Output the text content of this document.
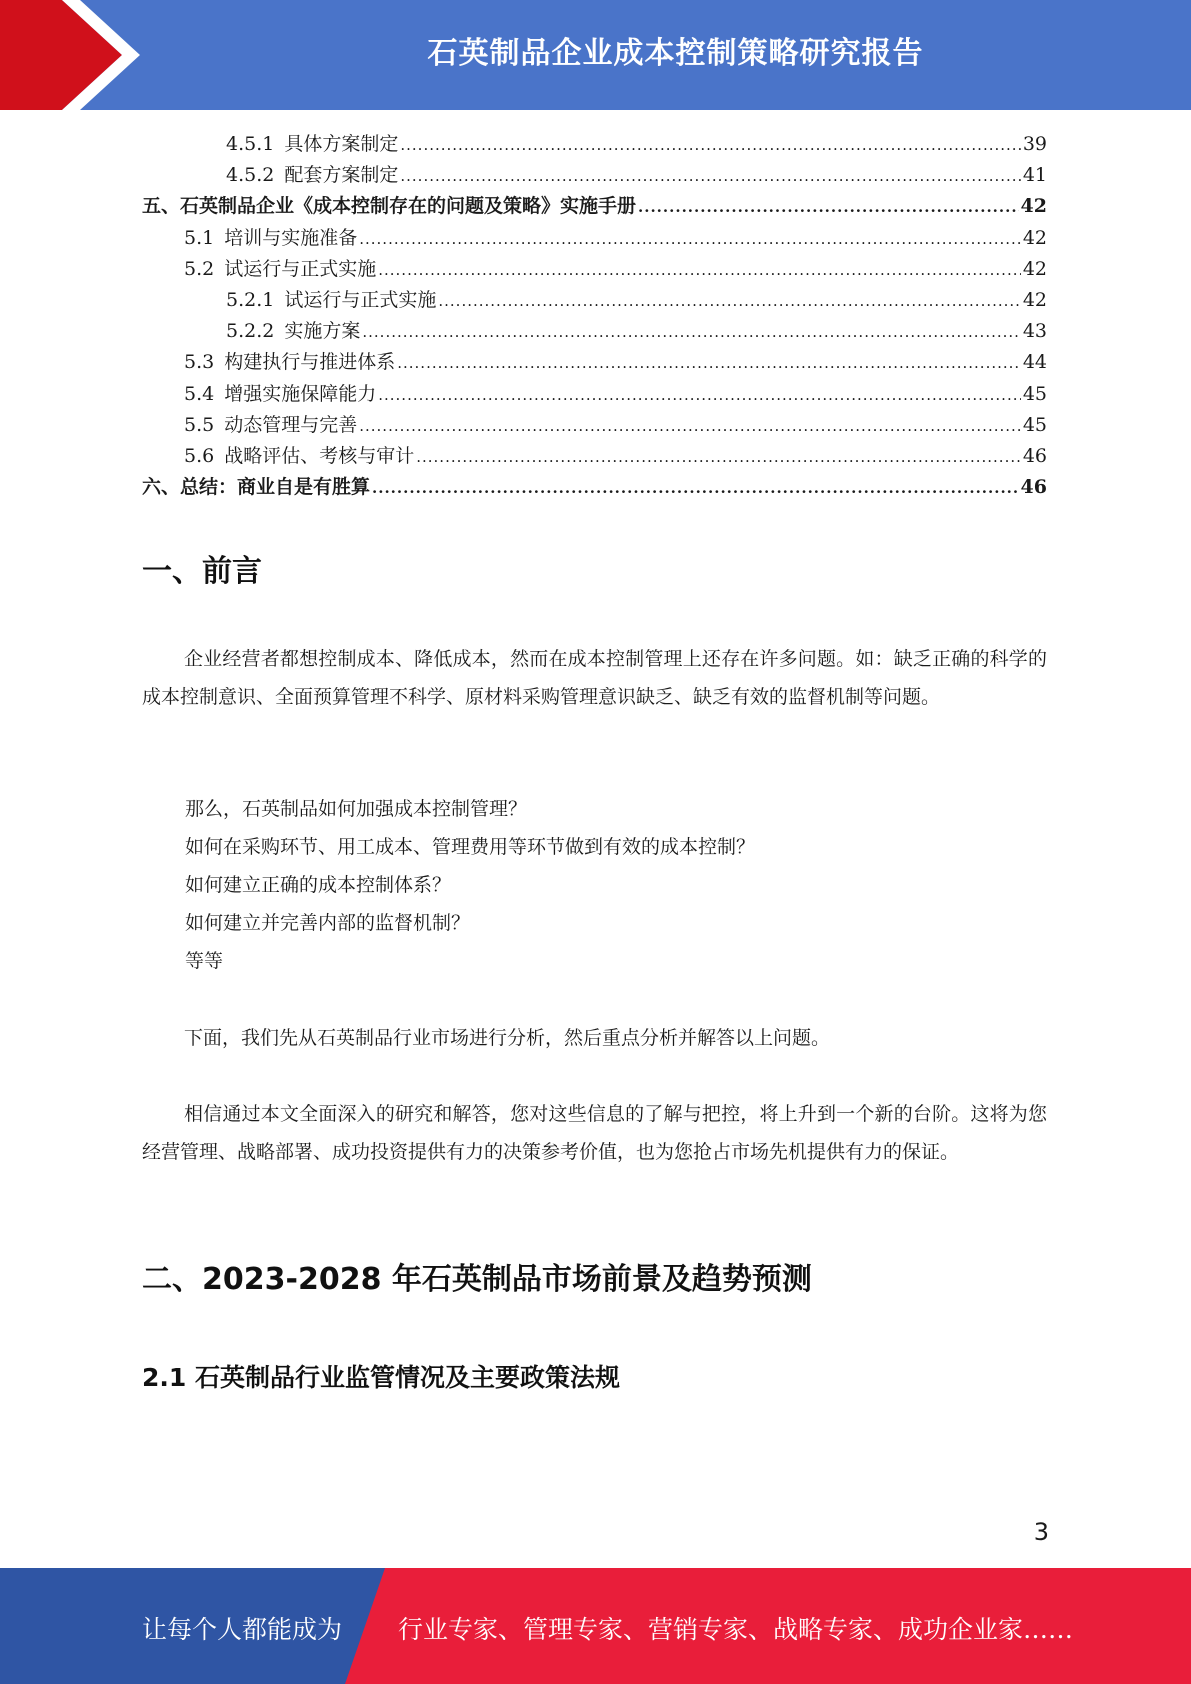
石英制品企业成本控制策略研究报告
4.5.1 具体方案制定 .....	39
4.5.2 配套方案制定 .....	41
五、石英制品企业《成本控制存在的问题及策略》实施手册 .....	42
5.1 培训与实施准备 .....	42
5.2 试运行与正式实施 .....	42
5.2.1 试运行与正式实施 .....	42
5.2.2 实施方案 .....	43
5.3 构建执行与推进体系 .....	44
5.4 增强实施保障能力 .....	45
5.5 动态管理与完善 .....	45
5.6 战略评估、考核与审计 .....	46
六、总结：商业自是有胜算 .....	46
一、前言
企业经营者都想控制成本、降低成本，然而在成本控制管理上还存在许多问题。如：缺乏正确的科学的成本控制意识、全面预算管理不科学、原材料采购管理意识缺乏、缺乏有效的监督机制等问题。
那么，石英制品如何加强成本控制管理？
如何在采购环节、用工成本、管理费用等环节做到有效的成本控制？
如何建立正确的成本控制体系？
如何建立并完善内部的监督机制？
等等
下面，我们先从石英制品行业市场进行分析，然后重点分析并解答以上问题。
相信通过本文全面深入的研究和解答，您对这些信息的了解与把控，将上升到一个新的台阶。这将为您经营管理、战略部署、成功投资提供有力的决策参考价值，也为您抢占市场先机提供有力的保证。
二、2023-2028 年石英制品市场前景及趋势预测
2.1 石英制品行业监管情况及主要政策法规
3
让每个人都能成为 行业专家、管理专家、营销专家、战略专家、成功企业家……
